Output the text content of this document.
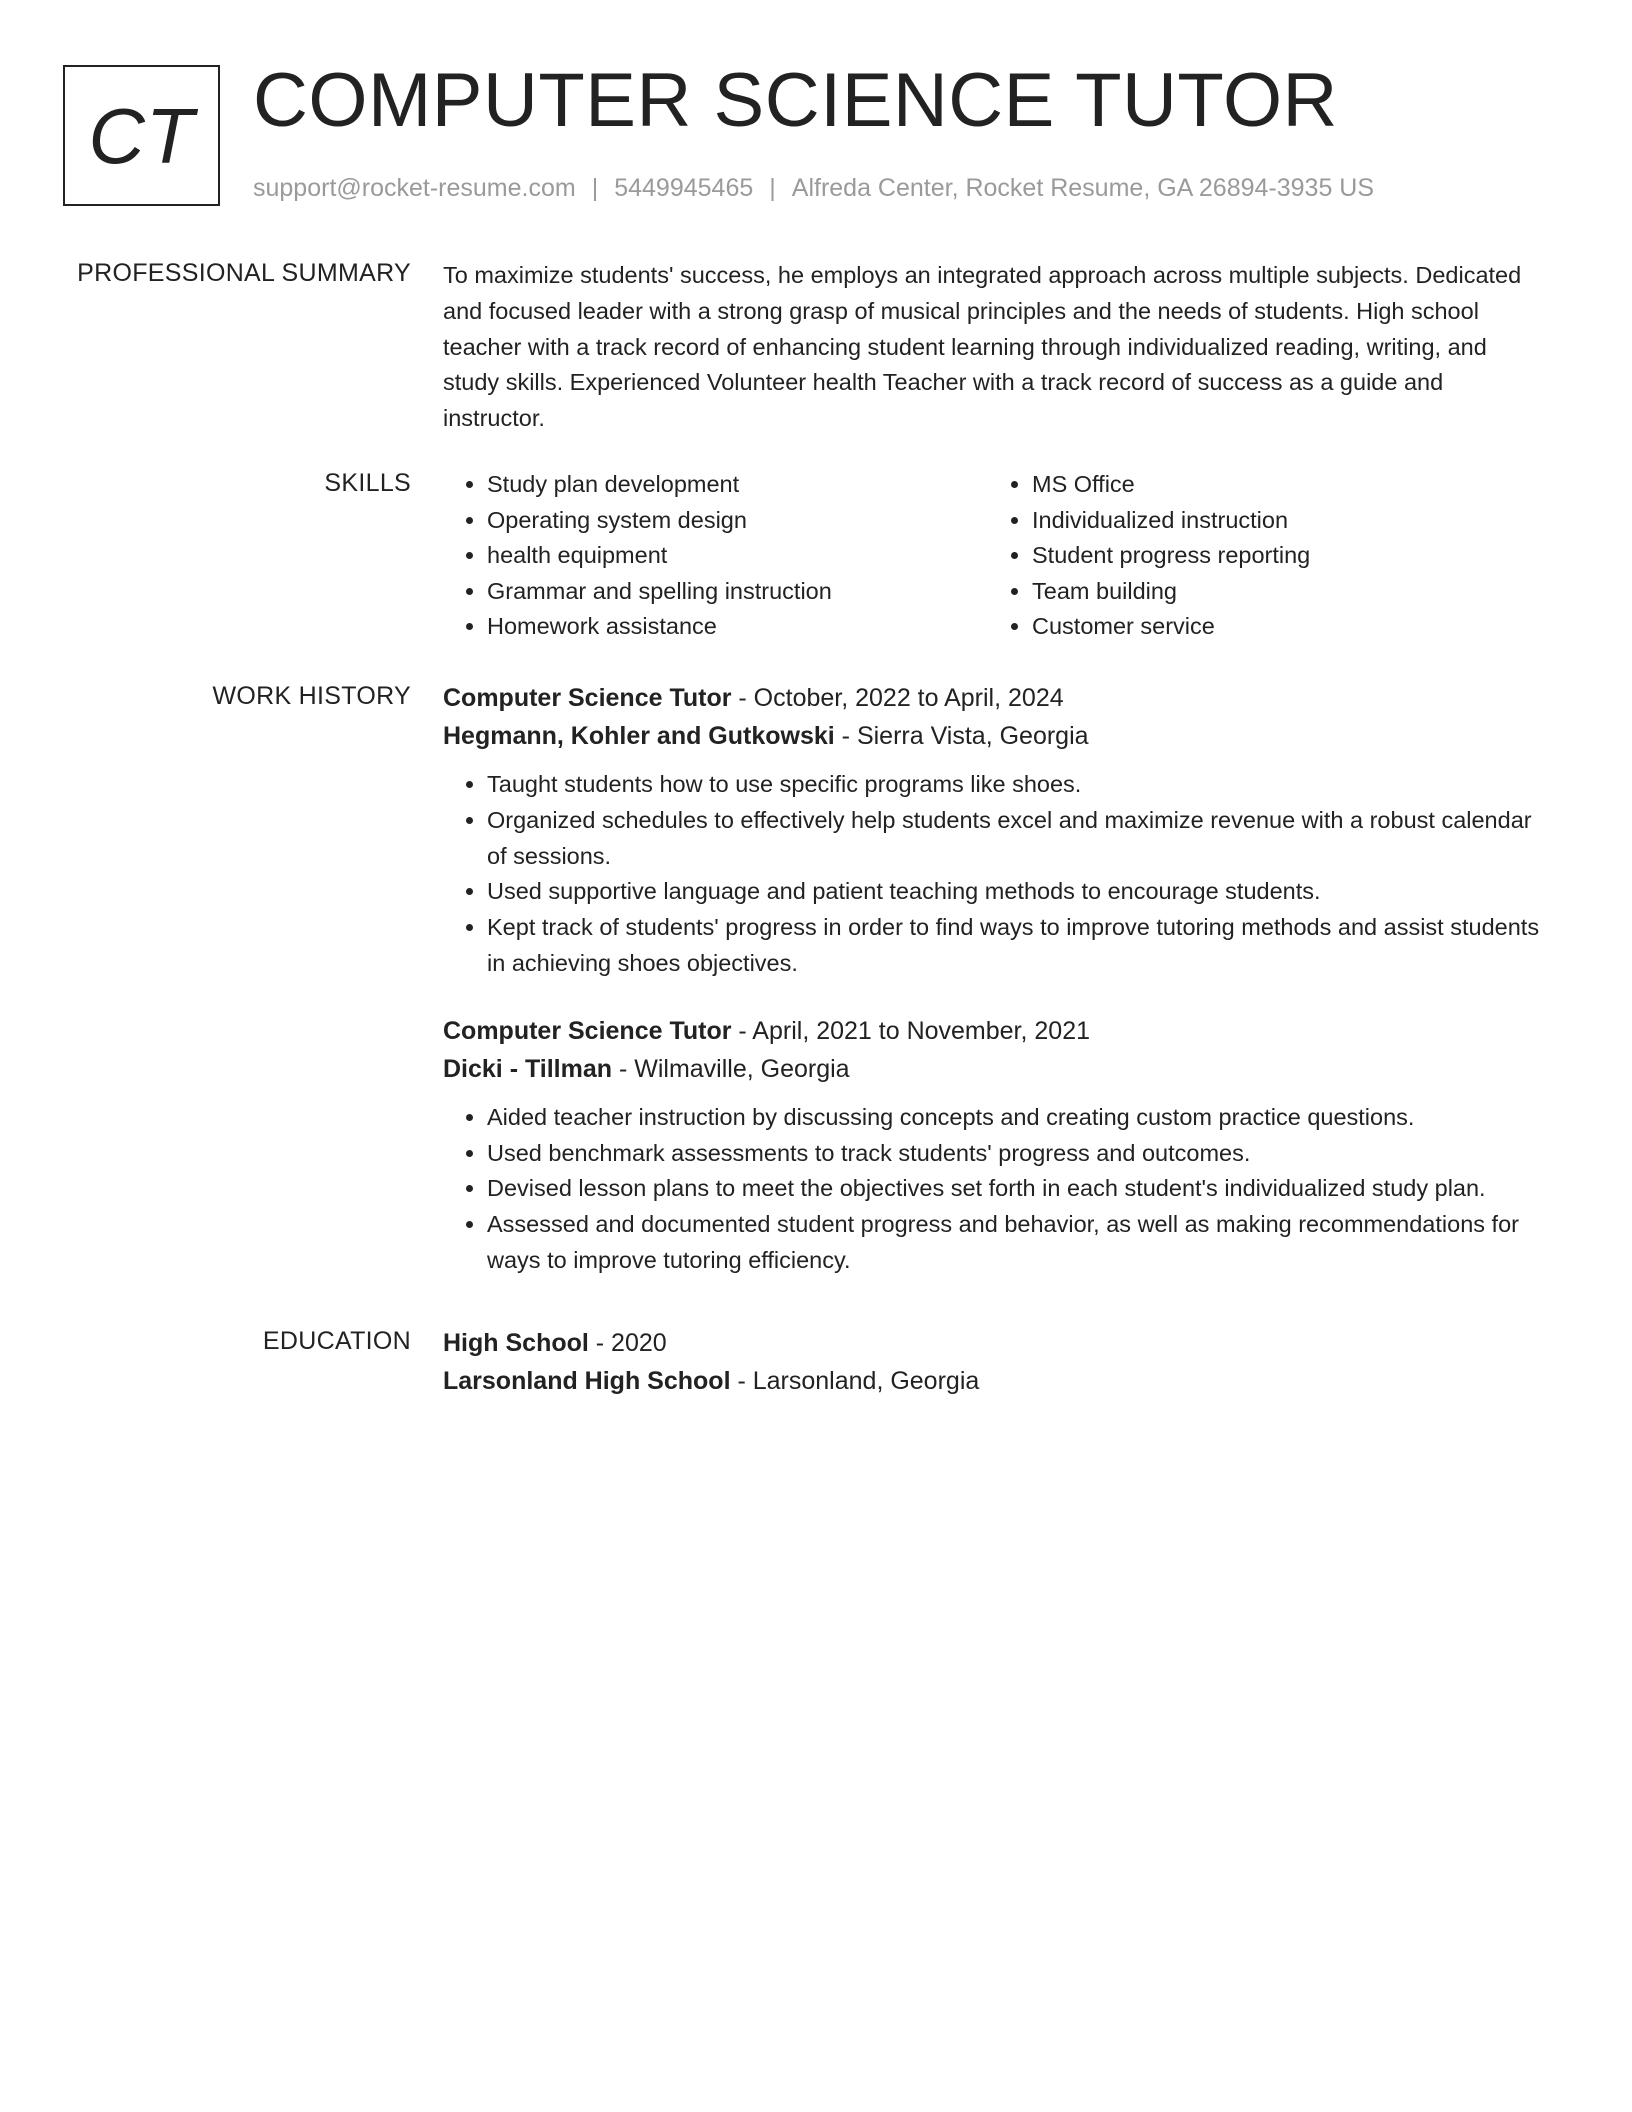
CT COMPUTER SCIENCE TUTOR
support@rocket-resume.com | 5449945465 | Alfreda Center, Rocket Resume, GA 26894-3935 US
PROFESSIONAL SUMMARY To maximize students' success, he employs an integrated approach across multiple subjects. Dedicated and focused leader with a strong grasp of musical principles and the needs of students. High school teacher with a track record of enhancing student learning through individualized reading, writing, and study skills. Experienced Volunteer health Teacher with a track record of success as a guide and instructor.

SKILLS
•	Study plan development
• Operating system design
• health equipment
• Grammar and spelling instruction
• Homework assistance
• MS Office
• Individualized instruction
• Student progress reporting
• Team building
• Customer service
WORK HISTORY Computer Science Tutor - October, 2022 to April, 2024
Hegmann, Kohler and Gutkowski - Sierra Vista, Georgia
• Taught students how to use specific programs like shoes.
• Organized schedules to effectively help students excel and maximize revenue with a robust calendar of sessions.
• Used supportive language and patient teaching methods to encourage students.
• Kept track of students' progress in order to find ways to improve tutoring methods and assist students in achieving shoes objectives.
Computer Science Tutor - April, 2021 to November, 2021
Dicki - Tillman - Wilmaville, Georgia
• Aided teacher instruction by discussing concepts and creating custom practice questions.
• Used benchmark assessments to track students' progress and outcomes.
• Devised lesson plans to meet the objectives set forth in each student's individualized study plan.
• Assessed and documented student progress and behavior, as well as making recommendations for ways to improve tutoring efficiency.
EDUCATION High School - 2020
Larsonland High School - Larsonland, Georgia
